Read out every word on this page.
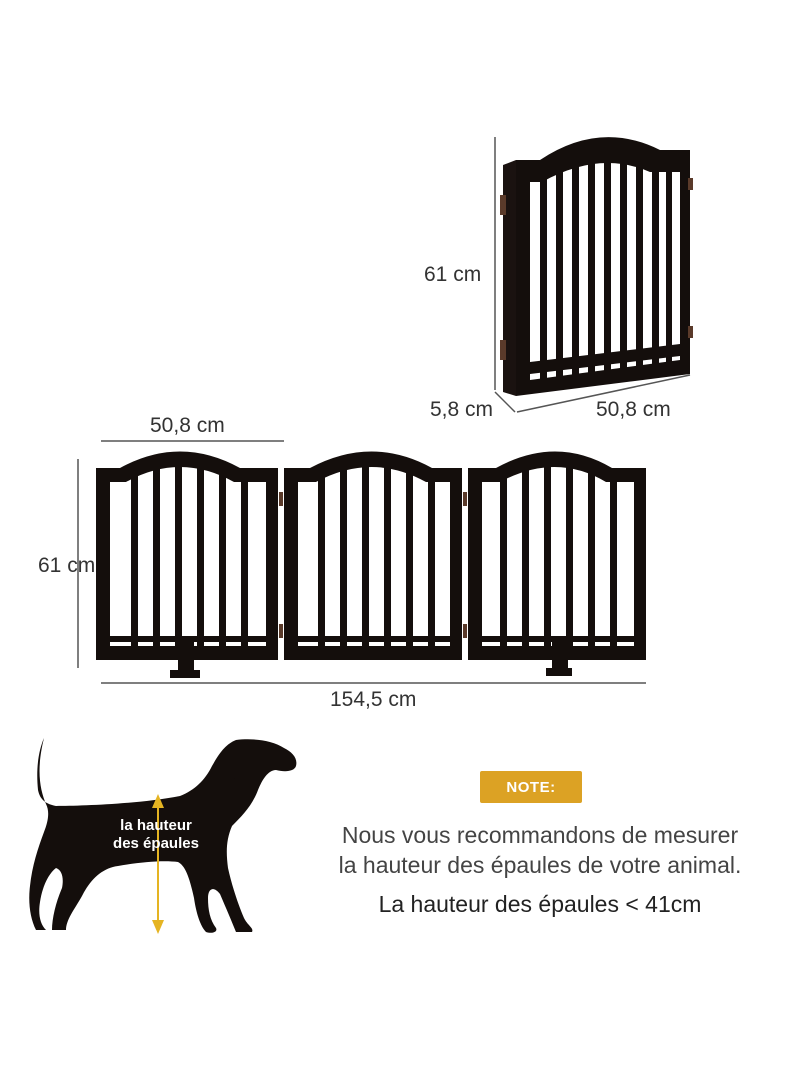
61 cm
5,8 cm	50,8 cm
50,8 cm
61 cm
154,5 cm
la hauteur
des épaules
NOTE:
Nous vous recommandons de mesurer
la hauteur des épaules de votre animal.
La hauteur des épaules < 41cm
